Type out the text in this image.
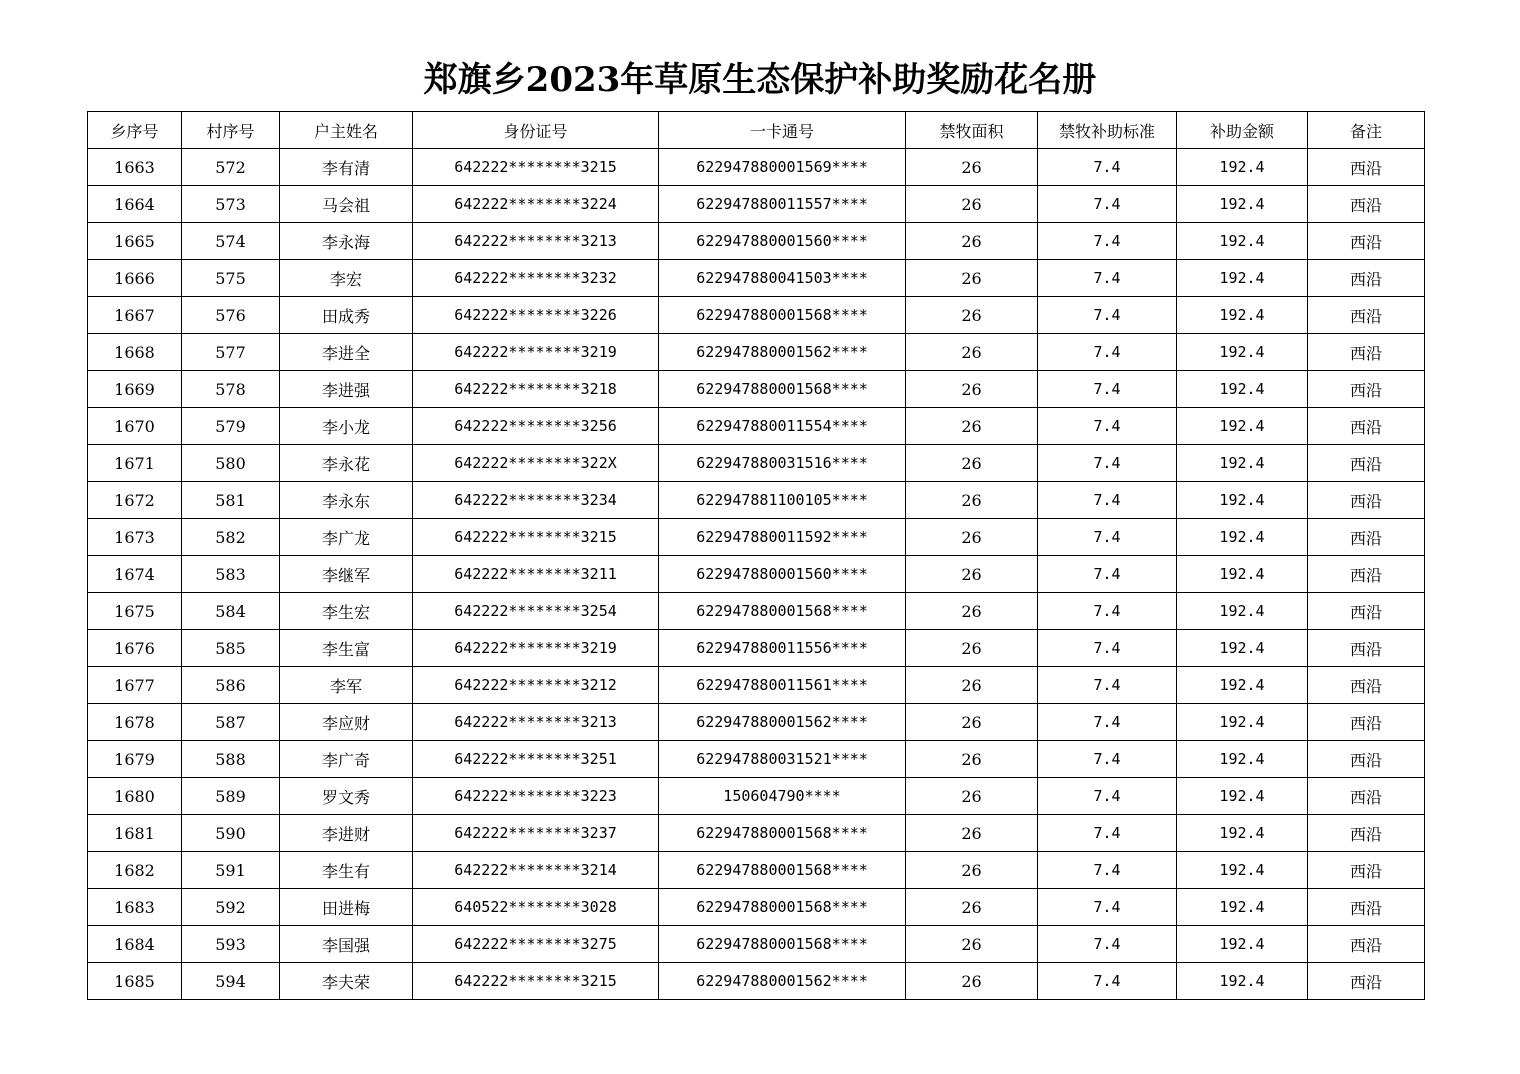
郑旗乡2023年草原生态保护补助奖励花名册
乡序号	村序号	户主姓名	身份证号	一卡通号	禁牧面积	禁牧补助标准	补助金额	备注
1663	572	李有清	642222********3215	622947880001569****	26	7.4	192.4	西沿
1664	573	马会祖	642222********3224	622947880011557****	26	7.4	192.4	西沿
1665	574	李永海	642222********3213	622947880001560****	26	7.4	192.4	西沿
1666	575	李宏	642222********3232	622947880041503****	26	7.4	192.4	西沿
1667	576	田成秀	642222********3226	622947880001568****	26	7.4	192.4	西沿
1668	577	李进全	642222********3219	622947880001562****	26	7.4	192.4	西沿
1669	578	李进强	642222********3218	622947880001568****	26	7.4	192.4	西沿
1670	579	李小龙	642222********3256	622947880011554****	26	7.4	192.4	西沿
1671	580	李永花	642222********322X	622947880031516****	26	7.4	192.4	西沿
1672	581	李永东	642222********3234	622947881100105****	26	7.4	192.4	西沿
1673	582	李广龙	642222********3215	622947880011592****	26	7.4	192.4	西沿
1674	583	李继军	642222********3211	622947880001560****	26	7.4	192.4	西沿
1675	584	李生宏	642222********3254	622947880001568****	26	7.4	192.4	西沿
1676	585	李生富	642222********3219	622947880011556****	26	7.4	192.4	西沿
1677	586	李军	642222********3212	622947880011561****	26	7.4	192.4	西沿
1678	587	李应财	642222********3213	622947880001562****	26	7.4	192.4	西沿
1679	588	李广奇	642222********3251	622947880031521****	26	7.4	192.4	西沿
1680	589	罗文秀	642222********3223	150604790****	26	7.4	192.4	西沿
1681	590	李进财	642222********3237	622947880001568****	26	7.4	192.4	西沿
1682	591	李生有	642222********3214	622947880001568****	26	7.4	192.4	西沿
1683	592	田进梅	640522********3028	622947880001568****	26	7.4	192.4	西沿
1684	593	李国强	642222********3275	622947880001568****	26	7.4	192.4	西沿
1685	594	李夫荣	642222********3215	622947880001562****	26	7.4	192.4	西沿
